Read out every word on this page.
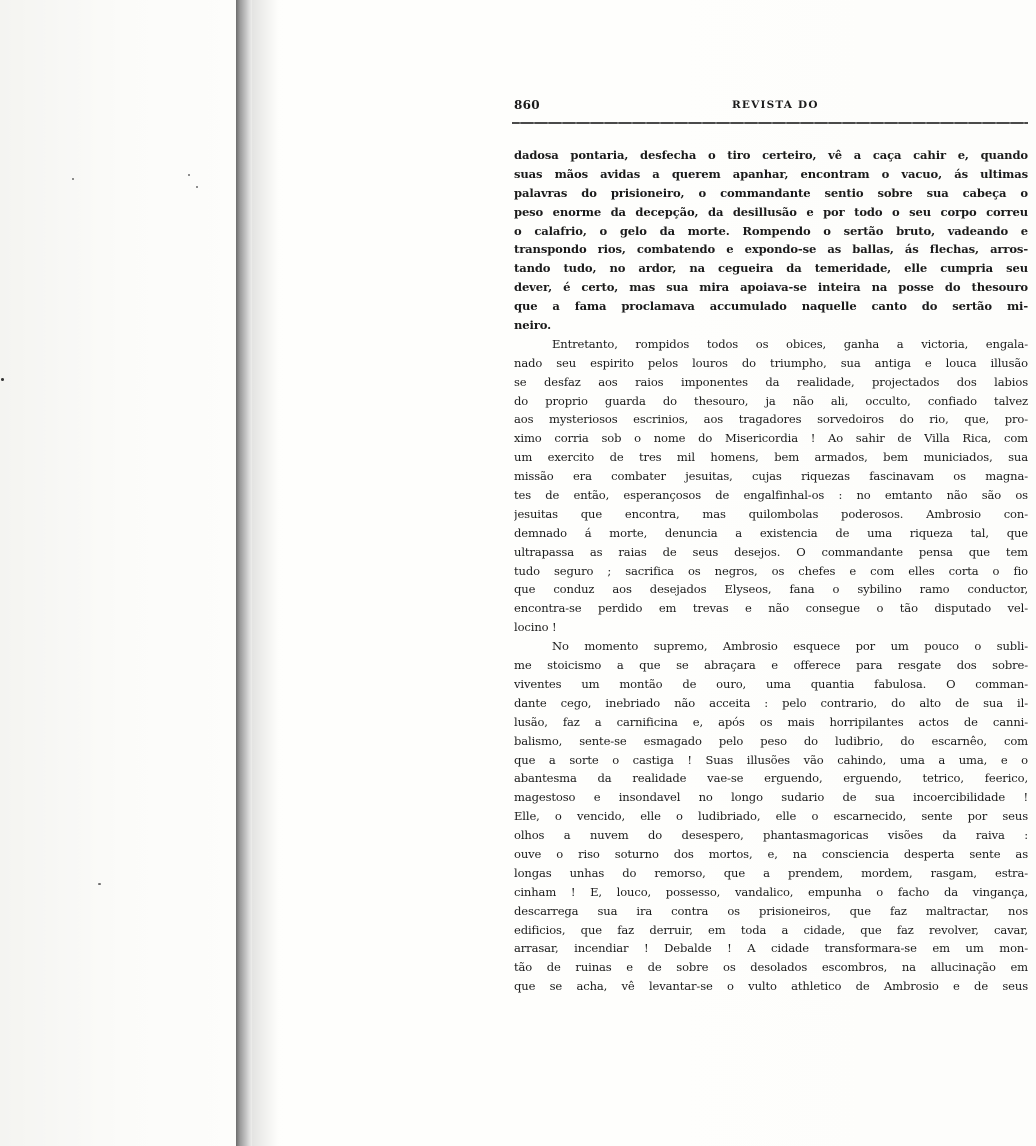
860	REVISTA DO
dadosa pontaria, desfecha o tiro certeiro, vê a caça cahir e, quando
suas mãos avidas a querem apanhar, encontram o vacuo, ás ultimas
palavras do prisioneiro, o commandante sentio sobre sua cabeça o
peso enorme da decepção, da desillusão e por todo o seu corpo correu
o calafrio, o gelo da morte. Rompendo o sertão bruto, vadeando e
transpondo rios, combatendo e expondo-se as ballas, ás flechas, arros-
tando tudo, no ardor, na cegueira da temeridade, elle cumpria seu
dever, é certo, mas sua mira apoiava-se inteira na posse do thesouro
que a fama proclamava accumulado naquelle canto do sertão mi-
neiro.
Entretanto, rompidos todos os obices, ganha a victoria, engala-
nado seu espirito pelos louros do triumpho, sua antiga e louca illusão
se desfaz aos raios imponentes da realidade, projectados dos labios
do proprio guarda do thesouro, ja não ali, occulto, confiado talvez
aos mysteriosos escrinios, aos tragadores sorvedoiros do rio, que, pro-
ximo corria sob o nome do Misericordia ! Ao sahir de Villa Rica, com
um exercito de tres mil homens, bem armados, bem municiados, sua
missão era combater jesuitas, cujas riquezas fascinavam os magna-
tes de então, esperançosos de engalfinhal-os : no emtanto não são os
jesuitas que encontra, mas quilombolas poderosos. Ambrosio con-
demnado á morte, denuncia a existencia de uma riqueza tal, que
ultrapassa as raias de seus desejos. O commandante pensa que tem
tudo seguro ; sacrifica os negros, os chefes e com elles corta o fio
que conduz aos desejados Elyseos, fana o sybilino ramo conductor,
encontra-se perdido em trevas e não consegue o tão disputado vel-
locino !
No momento supremo, Ambrosio esquece por um pouco o subli-
me stoicismo a que se abraçara e offerece para resgate dos sobre-
viventes um montão de ouro, uma quantia fabulosa. O comman-
dante cego, inebriado não acceita : pelo contrario, do alto de sua il-
lusão, faz a carnificina e, após os mais horripilantes actos de canni-
balismo, sente-se esmagado pelo peso do ludibrio, do escarnêo, com
que a sorte o castiga ! Suas illusões vão cahindo, uma a uma, e o
abantesma da realidade vae-se erguendo, erguendo, tetrico, feerico,
magestoso e insondavel no longo sudario de sua incoercibilidade !
Elle, o vencido, elle o ludibriado, elle o escarnecido, sente por seus
olhos a nuvem do desespero, phantasmagoricas visões da raiva :
ouve o riso soturno dos mortos, e, na consciencia desperta sente as
longas unhas do remorso, que a prendem, mordem, rasgam, estra-
cinham ! E, louco, possesso, vandalico, empunha o facho da vingança,
descarrega sua ira contra os prisioneiros, que faz maltractar, nos
edificios, que faz derruir, em toda a cidade, que faz revolver, cavar,
arrasar, incendiar ! Debalde ! A cidade transformara-se em um mon-
tão de ruinas e de sobre os desolados escombros, na allucinação em
que se acha, vê levantar-se o vulto athletico de Ambrosio e de seus
